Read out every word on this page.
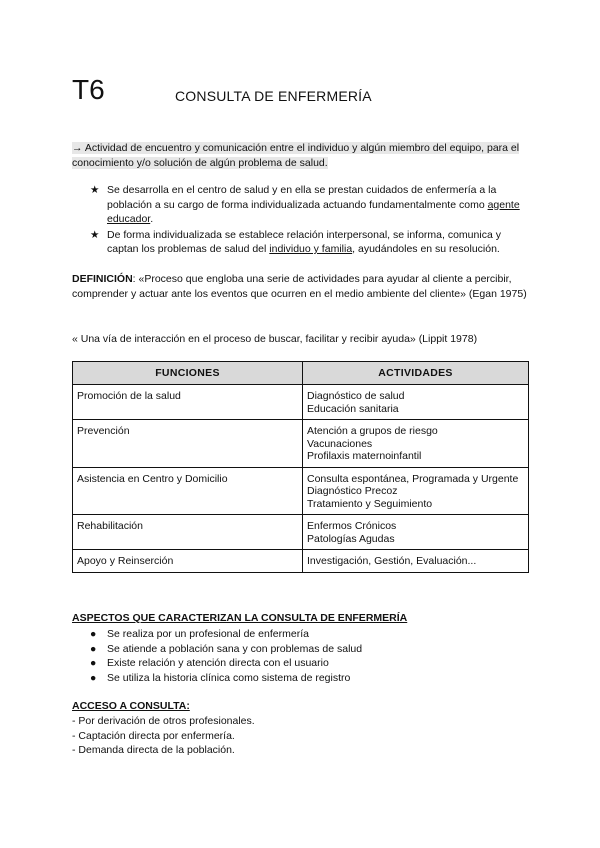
T6	CONSULTA DE ENFERMERÍA
→ Actividad de encuentro y comunicación entre el individuo y algún miembro del equipo, para el conocimiento y/o solución de algún problema de salud.
★ Se desarrolla en el centro de salud y en ella se prestan cuidados de enfermería a la población a su cargo de forma individualizada actuando fundamentalmente como agente educador.
★ De forma individualizada se establece relación interpersonal, se informa, comunica y captan los problemas de salud del individuo y familia, ayudándoles en su resolución.
DEFINICIÓN: «Proceso que engloba una serie de actividades para ayudar al cliente a percibir, comprender y actuar ante los eventos que ocurren en el medio ambiente del cliente» (Egan 1975)
« Una vía de interacción en el proceso de buscar, facilitar y recibir ayuda» (Lippit 1978)
FUNCIONES	ACTIVIDADES
Promoción de la salud	Diagnóstico de salud
Educación sanitaria

Prevención	Atención a grupos de riesgo
Vacunaciones
Profilaxis maternoinfantil

Asistencia en Centro y Domicilio	Consulta espontánea, Programada y Urgente
Diagnóstico Precoz
Tratamiento y Seguimiento

Rehabilitación	Enfermos Crónicos
Patologías Agudas

Apoyo y Reinserción	Investigación, Gestión, Evaluación...
ASPECTOS QUE CARACTERIZAN LA CONSULTA DE ENFERMERÍA
● Se realiza por un profesional de enfermería
● Se atiende a población sana y con problemas de salud
● Existe relación y atención directa con el usuario
● Se utiliza la historia clínica como sistema de registro
ACCESO A CONSULTA:
- Por derivación de otros profesionales.
- Captación directa por enfermería.
- Demanda directa de la población.
